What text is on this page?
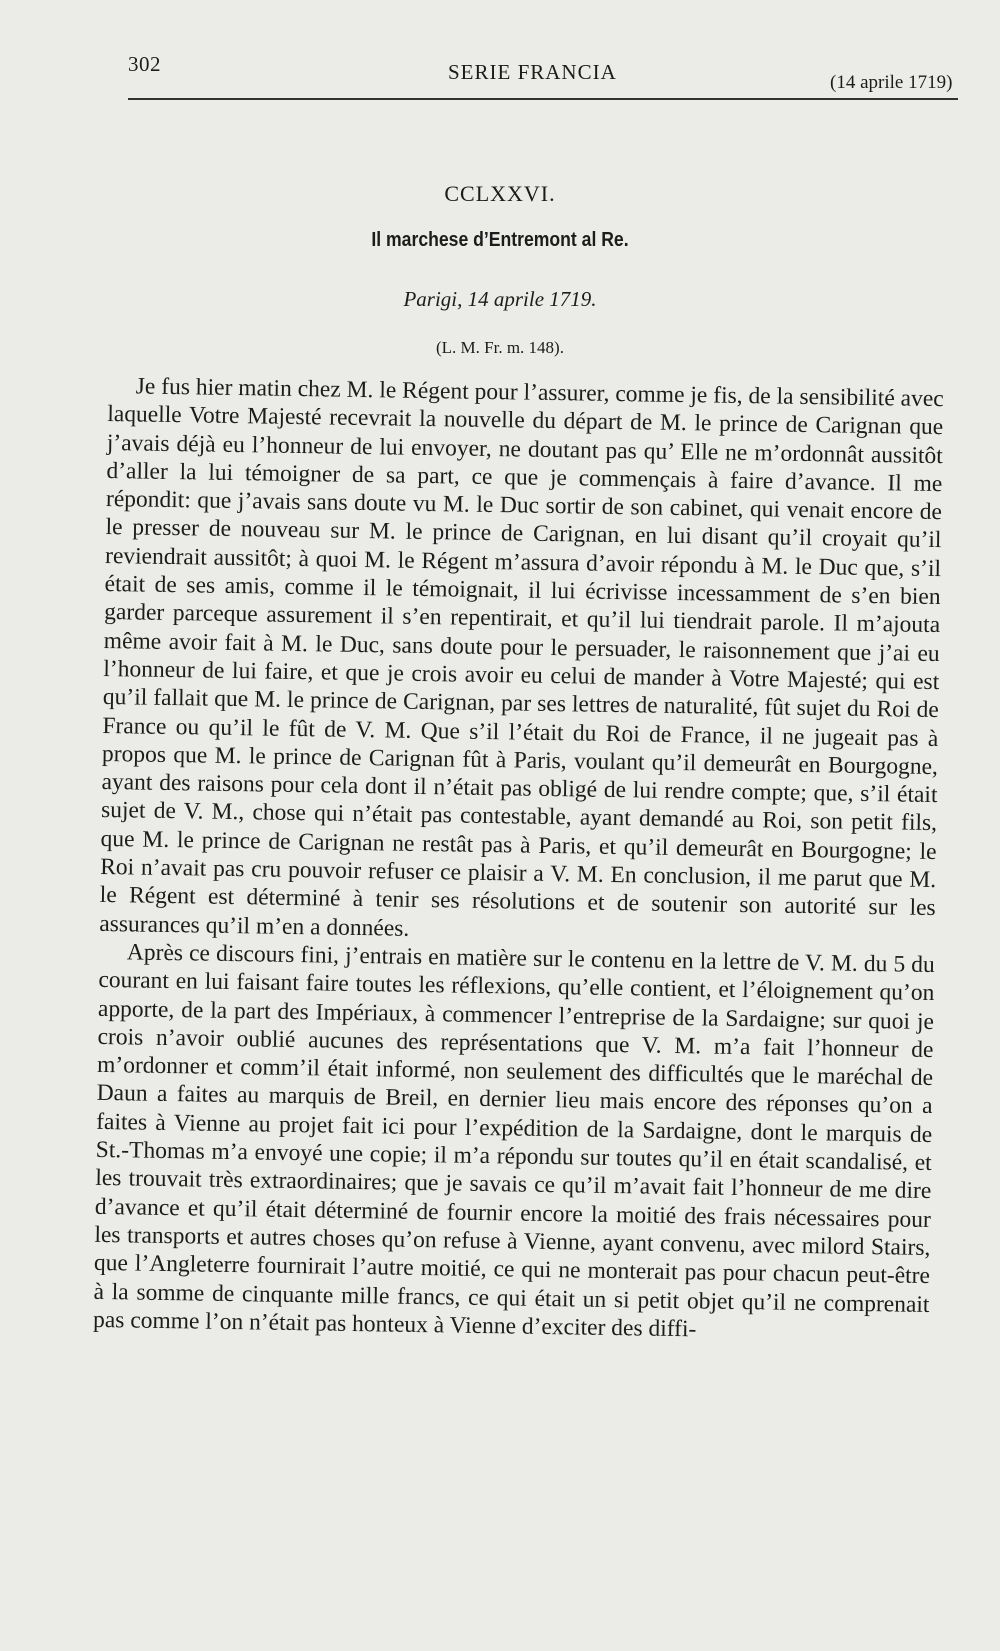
302	SERIE FRANCIA	(14 aprile 1719)
CCLXXVI.
Il marchese d’Entremont al Re.
Parigi, 14 aprile 1719.
(L. M. Fr. m. 148).

Je fus hier matin chez M. le Régent pour l’assurer, comme je fis, de la sensibilité avec laquelle Votre Majesté recevrait la nouvelle du départ de M. le prince de Carignan que j’avais déjà eu l’honneur de lui envoyer, ne doutant pas qu’ Elle ne m’ordonnât aussitôt d’aller la lui témoigner de sa part, ce que je commençais à faire d’avance. Il me répondit: que j’avais sans doute vu M. le Duc sortir de son cabinet, qui venait encore de le presser de nouveau sur M. le prince de Carignan, en lui disant qu’il croyait qu’il reviendrait aussitôt; à quoi M. le Régent m’assura d’avoir répondu à M. le Duc que, s’il était de ses amis, comme il le témoignait, il lui écrivisse incessamment de s’en bien garder parceque assurement il s’en repentirait, et qu’il lui tiendrait parole. Il m’ajouta même avoir fait à M. le Duc, sans doute pour le persuader, le raisonnement que j’ai eu l’honneur de lui faire, et que je crois avoir eu celui de mander à Votre Majesté; qui est qu’il fallait que M. le prince de Carignan, par ses lettres de naturalité, fût sujet du Roi de France ou qu’il le fût de V. M. Que s’il l’était du Roi de France, il ne jugeait pas à propos que M. le prince de Carignan fût à Paris, voulant qu’il demeurât en Bourgogne, ayant des raisons pour cela dont il n’était pas obligé de lui rendre compte; que, s’il était sujet de V. M., chose qui n’était pas contestable, ayant demandé au Roi, son petit fils, que M. le prince de Carignan ne restât pas à Paris, et qu’il demeurât en Bourgogne; le Roi n’avait pas cru pouvoir refuser ce plaisir a V. M. En conclusion, il me parut que M. le Régent est déterminé à tenir ses résolutions et de soutenir son autorité sur les assurances qu’il m’en a données.

Après ce discours fini, j’entrais en matière sur le contenu en la lettre de V. M. du 5 du courant en lui faisant faire toutes les réflexions, qu’elle contient, et l’éloignement qu’on apporte, de la part des Impériaux, à commencer l’entreprise de la Sardaigne; sur quoi je crois n’avoir oublié aucunes des représentations que V. M. m’a fait l’honneur de m’ordonner et comm’il était informé, non seulement des difficultés que le maréchal de Daun a faites au marquis de Breil, en dernier lieu mais encore des réponses qu’on a faites à Vienne au projet fait ici pour l’expédition de la Sardaigne, dont le marquis de St.-Thomas m’a envoyé une copie; il m’a répondu sur toutes qu’il en était scandalisé, et les trouvait très extraordinaires; que je savais ce qu’il m’avait fait l’honneur de me dire d’avance et qu’il était déterminé de fournir encore la moitié des frais nécessaires pour les transports et autres choses qu’on refuse à Vienne, ayant convenu, avec milord Stairs, que l’Angleterre fournirait l’autre moitié, ce qui ne monterait pas pour chacun peut-être à la somme de cinquante mille francs, ce qui était un si petit objet qu’il ne comprenait pas comme l’on n’était pas honteux à Vienne d’exciter des diffi-
